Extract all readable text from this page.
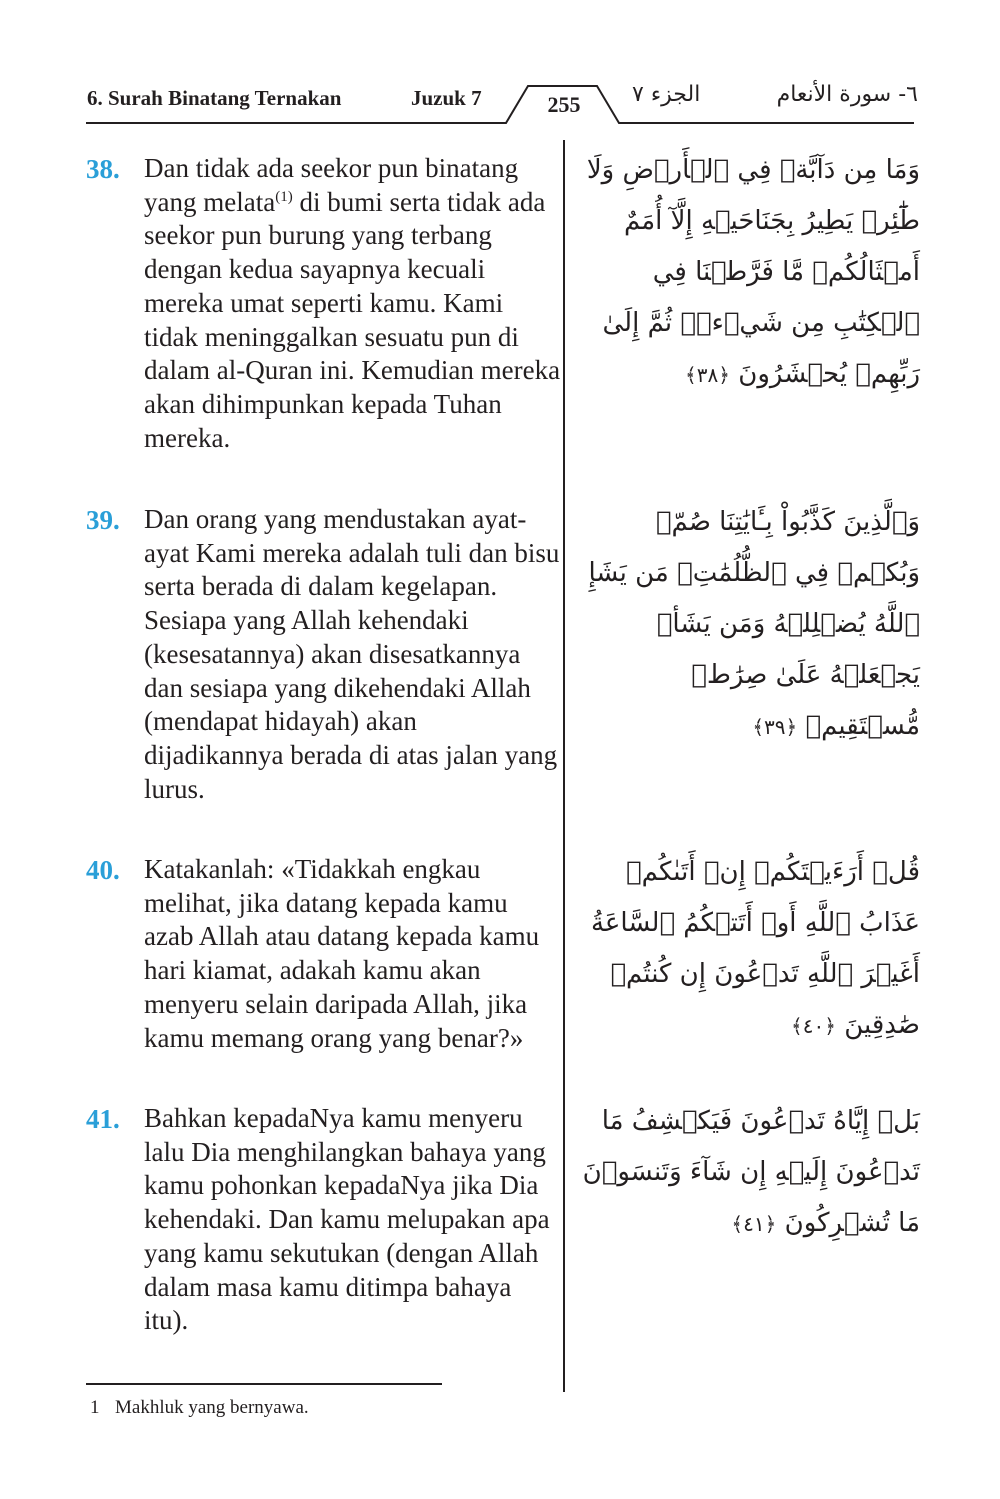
6. Surah Binatang Ternakan	Juzuk 7	255	الجزء ٧	٦- سورة الأنعام
38. Dan tidak ada seekor pun binatang yang melata$^{(1)}$ di bumi serta tidak ada seekor pun burung yang terbang dengan kedua sayapnya kecuali mereka umat seperti kamu. Kami tidak meninggalkan sesuatu pun di dalam al-Quran ini. Kemudian mereka akan dihimpunkan kepada Tuhan mereka.
وَمَا مِن دَآبَّةٖ فِي ٱلۡأَرۡضِ وَلَا طَٰٓئِرٖ يَطِيرُ بِجَنَاحَيۡهِ إِلَّآ أُمَمٌ أَمۡثَالُكُمۚ مَّا فَرَّطۡنَا فِي ٱلۡكِتَٰبِ مِن شَيۡءٖۚ ثُمَّ إِلَىٰ رَبِّهِمۡ يُحۡشَرُونَ ﴿٣٨﴾
39. Dan orang yang mendustakan ayat-ayat Kami mereka adalah tuli dan bisu serta berada di dalam kegelapan. Sesiapa yang Allah kehendaki (kesesatannya) akan disesatkannya dan sesiapa yang dikehendaki Allah (mendapat hidayah) akan dijadikannya berada di atas jalan yang lurus.
وَٱلَّذِينَ كَذَّبُواْ بِـَٔايَٰتِنَا صُمّٞ وَبُكۡمٞ فِي ٱلظُّلُمَٰتِۗ مَن يَشَإِ ٱللَّهُ يُضۡلِلۡهُ وَمَن يَشَأۡ يَجۡعَلۡهُ عَلَىٰ صِرَٰطٖ مُّسۡتَقِيمٖ ﴿٣٩﴾
40. Katakanlah: «Tidakkah engkau melihat, jika datang kepada kamu azab Allah atau datang kepada kamu hari kiamat, adakah kamu akan menyeru selain daripada Allah, jika kamu memang orang yang benar?»
قُلۡ أَرَءَيۡتَكُمۡ إِنۡ أَتَىٰكُمۡ عَذَابُ ٱللَّهِ أَوۡ أَتَتۡكُمُ ٱلسَّاعَةُ أَغَيۡرَ ٱللَّهِ تَدۡعُونَ إِن كُنتُمۡ صَٰدِقِينَ ﴿٤٠﴾
41. Bahkan kepadaNya kamu menyeru lalu Dia menghilangkan bahaya yang kamu pohonkan kepadaNya jika Dia kehendaki. Dan kamu melupakan apa yang kamu sekutukan (dengan Allah dalam masa kamu ditimpa bahaya itu).
بَلۡ إِيَّاهُ تَدۡعُونَ فَيَكۡشِفُ مَا تَدۡعُونَ إِلَيۡهِ إِن شَآءَ وَتَنسَوۡنَ مَا تُشۡرِكُونَ ﴿٤١﴾
1 Makhluk yang bernyawa.
